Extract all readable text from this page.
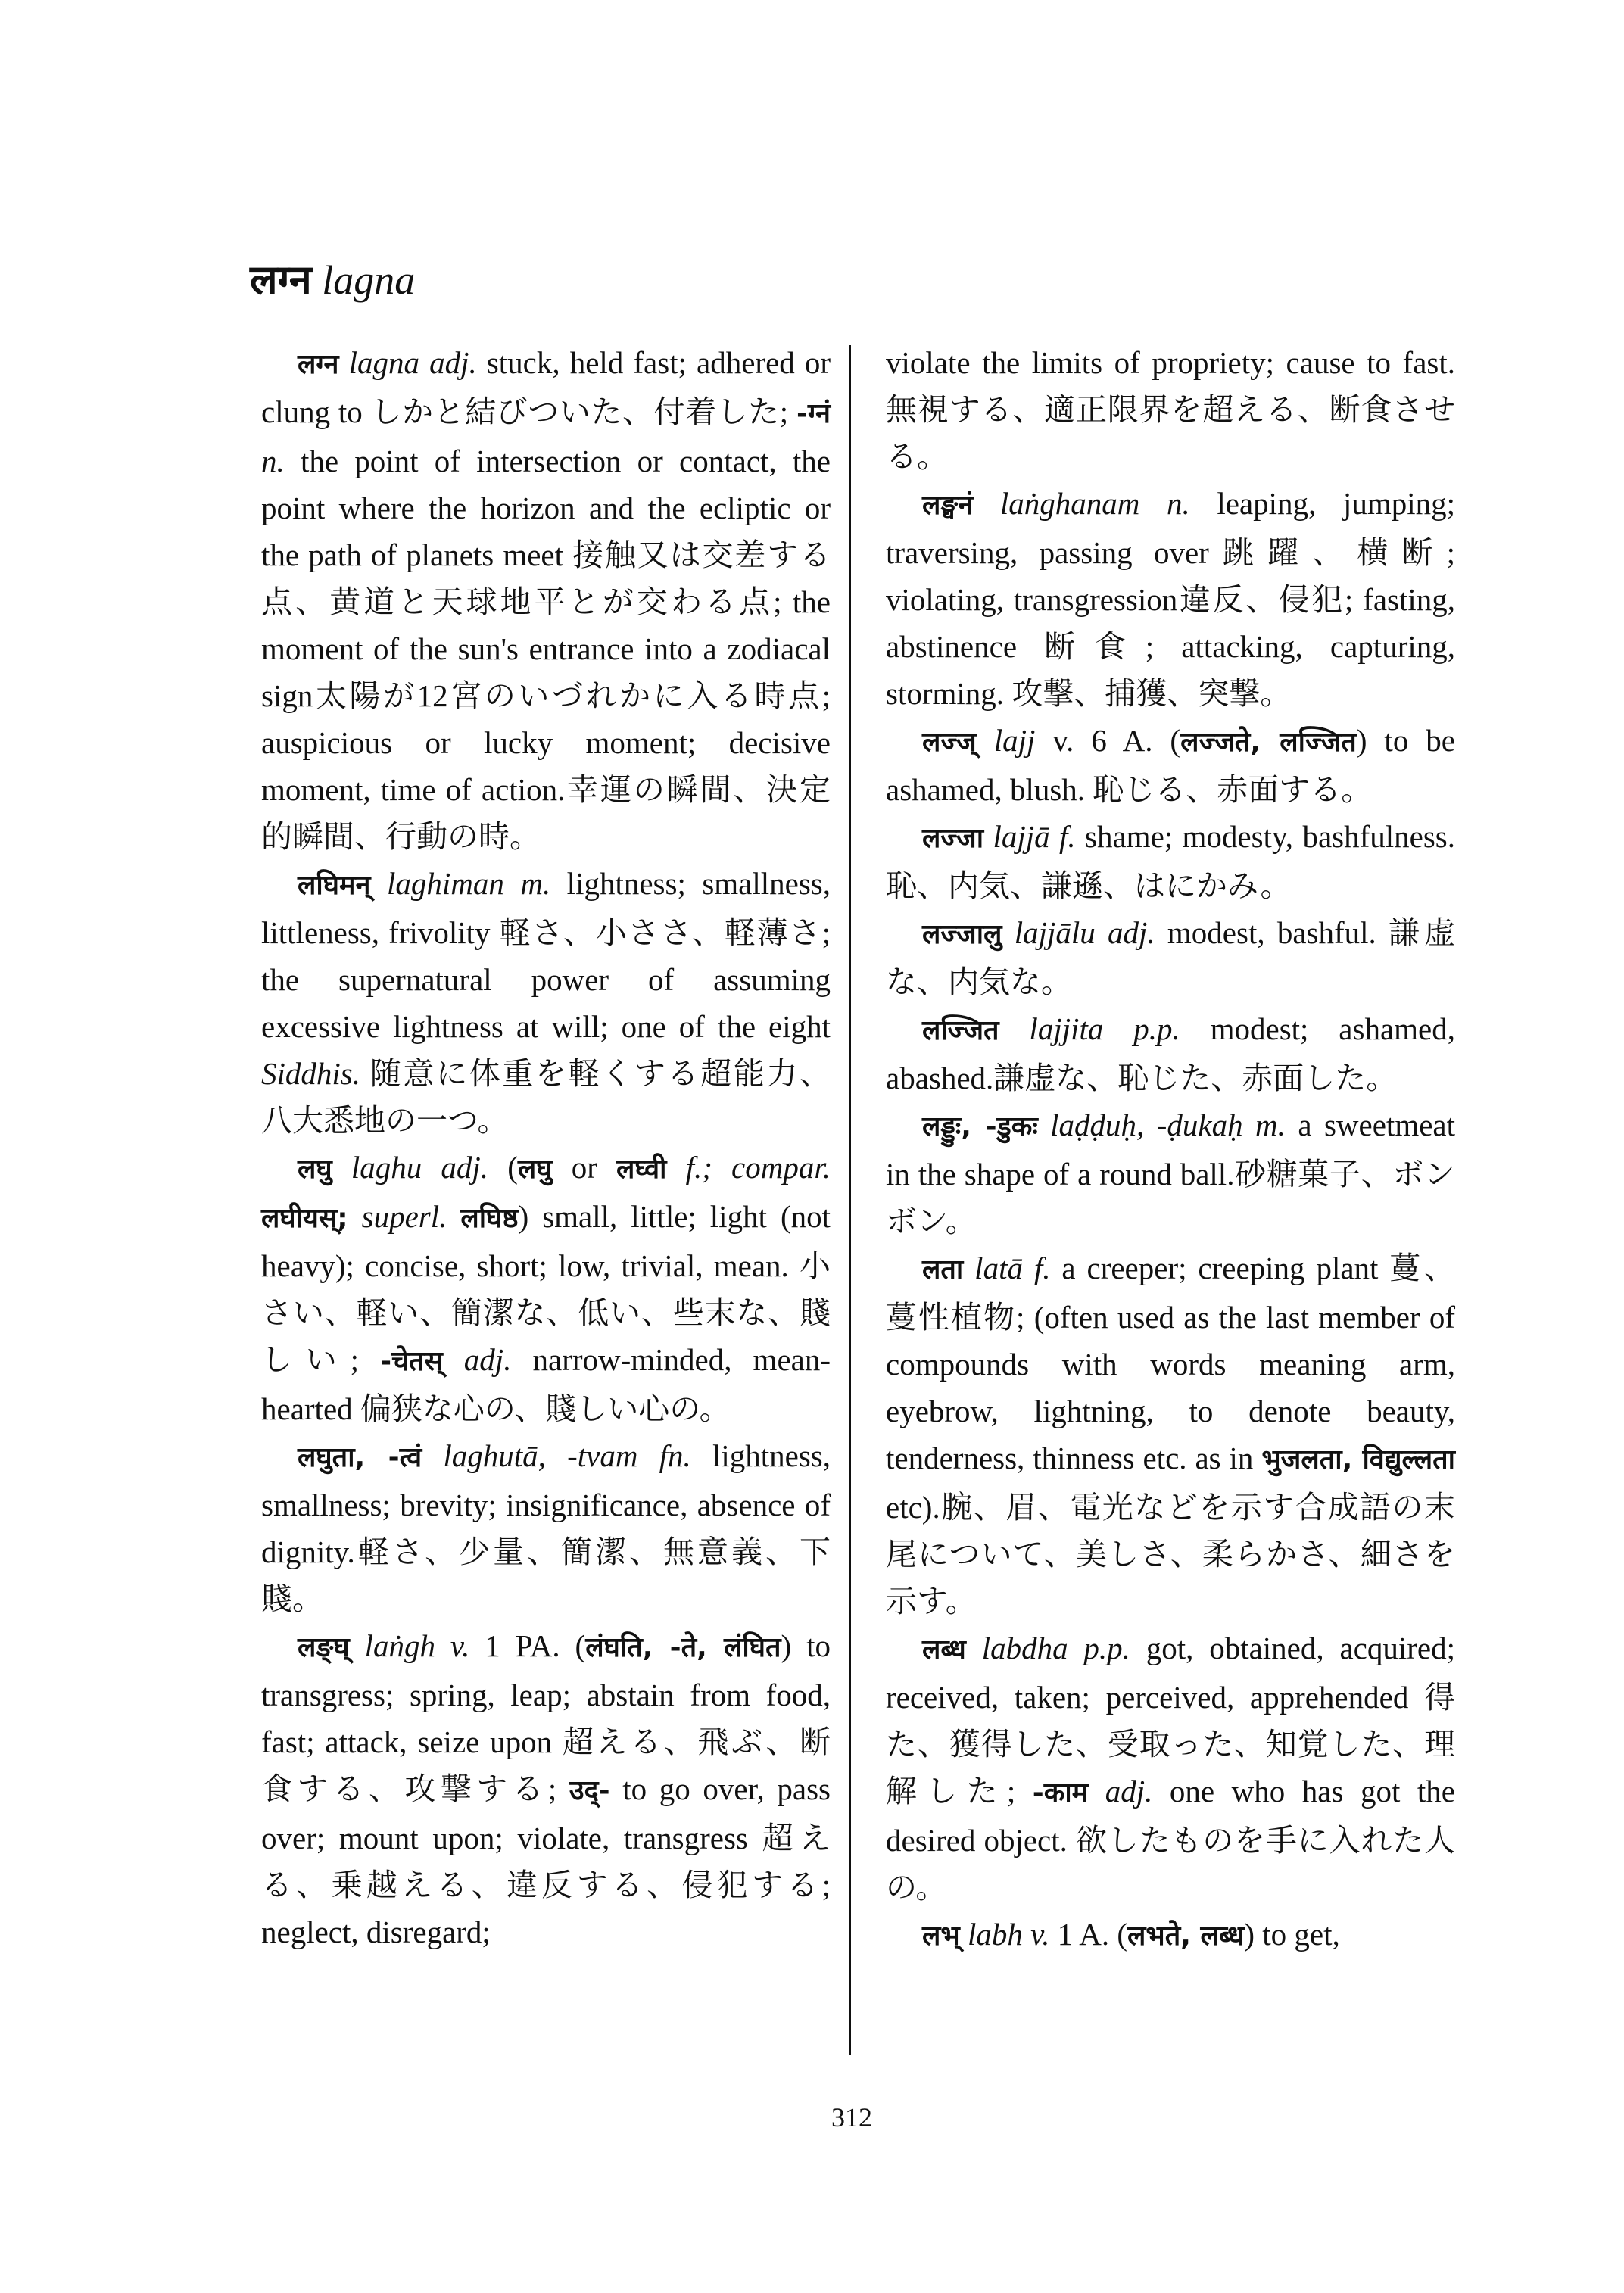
लग्न lagna

लग्न lagna adj. stuck, held fast; adhered or clung to しかと結びついた、付着した; -ग्नं n. the point of intersection or contact, the point where the horizon and the ecliptic or the path of planets meet 接触又は交差する点、黄道と天球地平とが交わる点; the moment of the sun's entrance into a zodiacal sign太陽が12宮のいづれかに入る時点; auspicious or lucky moment; decisive moment, time of action.幸運の瞬間、決定的瞬間、行動の時。

लघिमन् laghiman m. lightness; smallness, littleness, frivolity 軽さ、小ささ、軽薄さ; the supernatural power of assuming excessive lightness at will; one of the eight Siddhis. 随意に体重を軽くする超能力、八大悉地の一つ。

लघु laghu adj. (लघु or लघ्वी f.; compar. लघीयस्; superl. लघिष्ठ) small, little; light (not heavy); concise, short; low, trivial, mean. 小さい、軽い、簡潔な、低い、些末な、賤しい; -चेतस् adj. narrow-minded, mean-hearted 偏狭な心の、賤しい心の。

लघुता, -त्वं laghutā, -tvam fn. lightness, smallness; brevity; insignificance, absence of dignity.軽さ、少量、簡潔、無意義、下賤。

लङ्घ् laṅgh v. 1 PA. (लंघति, -ते, लंघित) to transgress; spring, leap; abstain from food, fast; attack, seize upon 超える、飛ぶ、断食する、攻撃する; उद्- to go over, pass over; mount upon; violate, transgress 超える、乗越える、違反する、侵犯する; neglect, disregard;

violate the limits of propriety; cause to fast.無視する、適正限界を超える、断食させる。

लङ्घनं laṅghanam n. leaping, jumping; traversing, passing over跳躍、横断; violating, transgression違反、侵犯; fasting, abstinence 断食; attacking, capturing, storming. 攻撃、捕獲、突撃。

लज्ज् lajj v. 6 A. (लज्जते, लज्जित) to be ashamed, blush. 恥じる、赤面する。

लज्जा lajjā f. shame; modesty, bashfulness.恥、内気、謙遜、はにかみ。

लज्जालु lajjālu adj. modest, bashful. 謙虚な、内気な。

लज्जित lajjita p.p. modest; ashamed, abashed.謙虚な、恥じた、赤面した。

लड्डुः, -डुकः laḍḍuḥ, -ḍukaḥ m. a sweetmeat in the shape of a round ball.砂糖菓子、ボンボン。

लता latā f. a creeper; creeping plant 蔓、蔓性植物; (often used as the last member of compounds with words meaning arm, eyebrow, lightning, to denote beauty, tenderness, thinness etc. as in भुजलता, विद्युल्लता etc).腕、眉、電光などを示す合成語の末尾について、美しさ、柔らかさ、細さを示す。

लब्ध labdha p.p. got, obtained, acquired; received, taken; perceived, apprehended 得た、獲得した、受取った、知覚した、理解した; -काम adj. one who has got the desired object. 欲したものを手に入れた人の。

लभ् labh v. 1 A. (लभते, लब्ध) to get,

312
